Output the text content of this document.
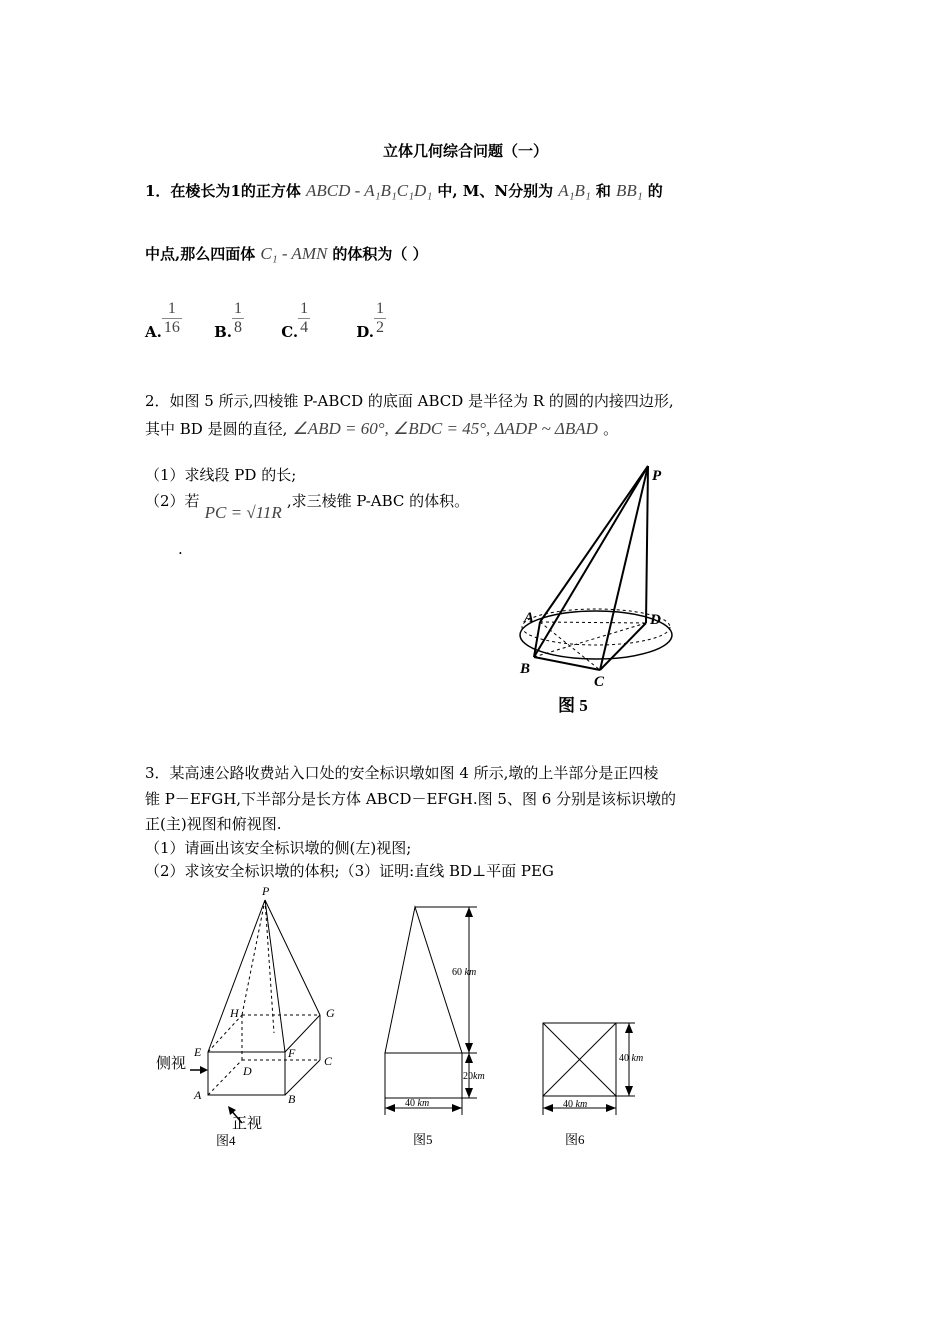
立体几何综合问题（一）
1．在棱长为1的正方体 ABCD - A₁B₁C₁D₁ 中, M、N分别为 A₁B₁ 和 BB₁ 的
中点,那么四面体 C₁ - AMN 的体积为（ ）
A. $\frac{1}{16} B$. $\frac{1}{8} C$. $\frac{1}{4}$	D. $\frac{1}{2}$
2．如图 5 所示,四棱锥 P-ABCD 的底面 ABCD 是半径为 R 的圆的内接四边形,
其中 BD 是圆的直径, ∠ABD = 60°, ∠BDC = 45°, ΔADP ~ ΔBAD 。
（1）求线段 PD 的长;
（2）若 PC = √11R ,求三棱锥 P-ABC 的体积。
.
P
A
B
C
D
图 5
3．某高速公路收费站入口处的安全标识墩如图 4 所示,墩的上半部分是正四棱
锥 P－EFGH,下半部分是长方体 ABCD－EFGH.图 5、图 6 分别是该标识墩的
正(主)视图和俯视图.
（1）请画出该安全标识墩的侧(左)视图;
（2）求该安全标识墩的体积;（3）证明:直线 BD⊥平面 PEG
P
H	G
E	F
C
D
A	B
侧视
正视
图4
60 km
20km
40 km
图5
40 km
40 km
图6
